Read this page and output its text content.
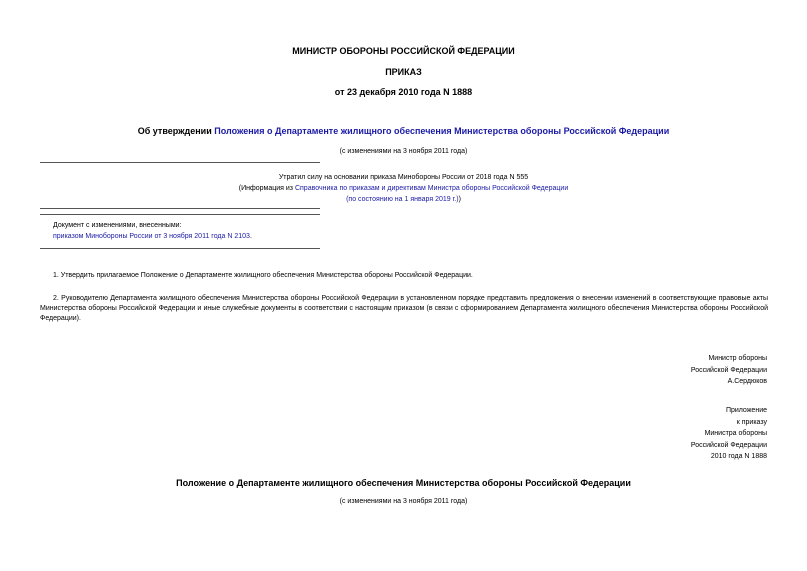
МИНИСТР ОБОРОНЫ РОССИЙСКОЙ ФЕДЕРАЦИИ
ПРИКАЗ
от 23 декабря 2010 года N 1888
Об утверждении Положения о Департаменте жилищного обеспечения Министерства обороны Российской Федерации
(с изменениями на 3 ноября 2011 года)
Утратил силу на основании приказа Минобороны России от 2018 года N 555
(Информация из Справочника по приказам и директивам Министра обороны Российской Федерации
(по состоянию на 1 января 2019 г.))
Документ с изменениями, внесенными:
приказом Минобороны России от 3 ноября 2011 года N 2103.
1. Утвердить прилагаемое Положение о Департаменте жилищного обеспечения Министерства обороны Российской Федерации.
2. Руководителю Департамента жилищного обеспечения Министерства обороны Российской Федерации в установленном порядке представить предложения о внесении изменений в соответствующие правовые акты Министерства обороны Российской Федерации и иные служебные документы в соответствии с настоящим приказом (в связи с сформированием Департамента жилищного обеспечения Министерства обороны Российской Федерации).
Министр обороны
Российской Федерации
А.Сердюков
Приложение
к приказу
Министра обороны
Российской Федерации
2010 года N 1888
Положение о Департаменте жилищного обеспечения Министерства обороны Российской Федерации
(с изменениями на 3 ноября 2011 года)
